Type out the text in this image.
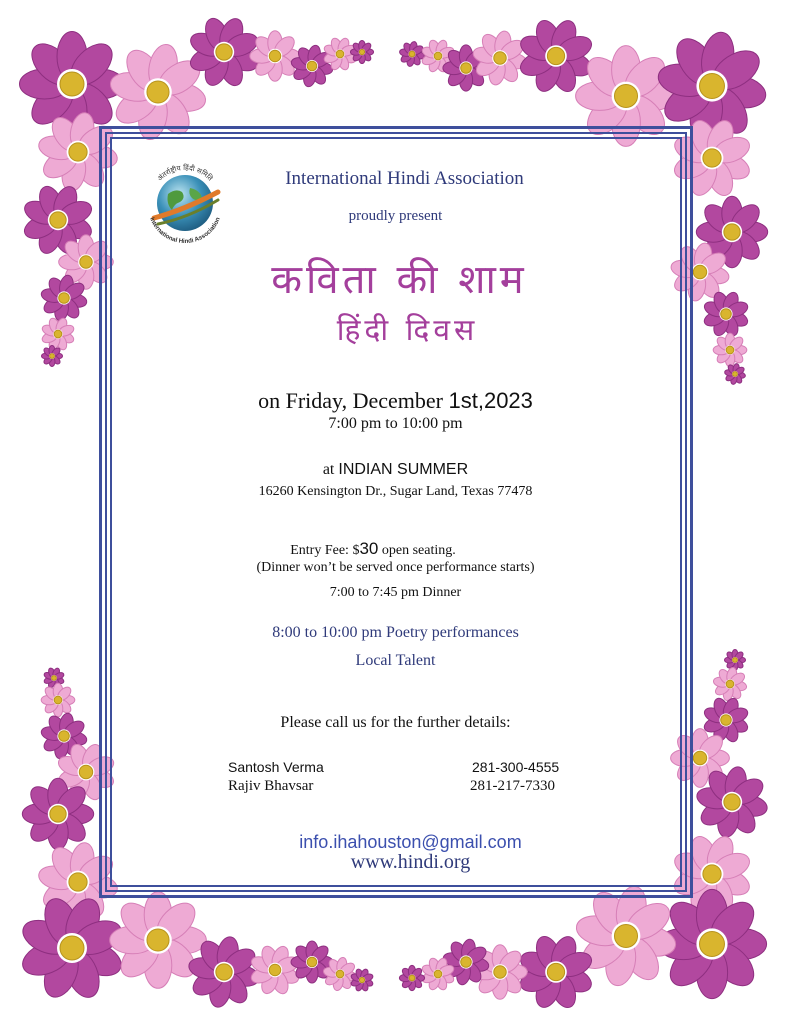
अंतर्राष्ट्रीय हिंदी समिति
International Hindi Association
International Hindi Association
proudly present
कविता की शाम
हिंदी दिवस
on Friday, December 1st,2023
7:00 pm to 10:00 pm
at INDIAN SUMMER
16260 Kensington Dr., Sugar Land, Texas 77478
Entry Fee: $30 open seating.
(Dinner won’t be served once performance starts)
7:00 to 7:45 pm Dinner
8:00 to 10:00 pm Poetry performances
Local Talent
Please call us for the further details:
Santosh Verma	281-300-4555
Rajiv Bhavsar	281-217-7330
info.ihahouston@gmail.com
www.hindi.org
